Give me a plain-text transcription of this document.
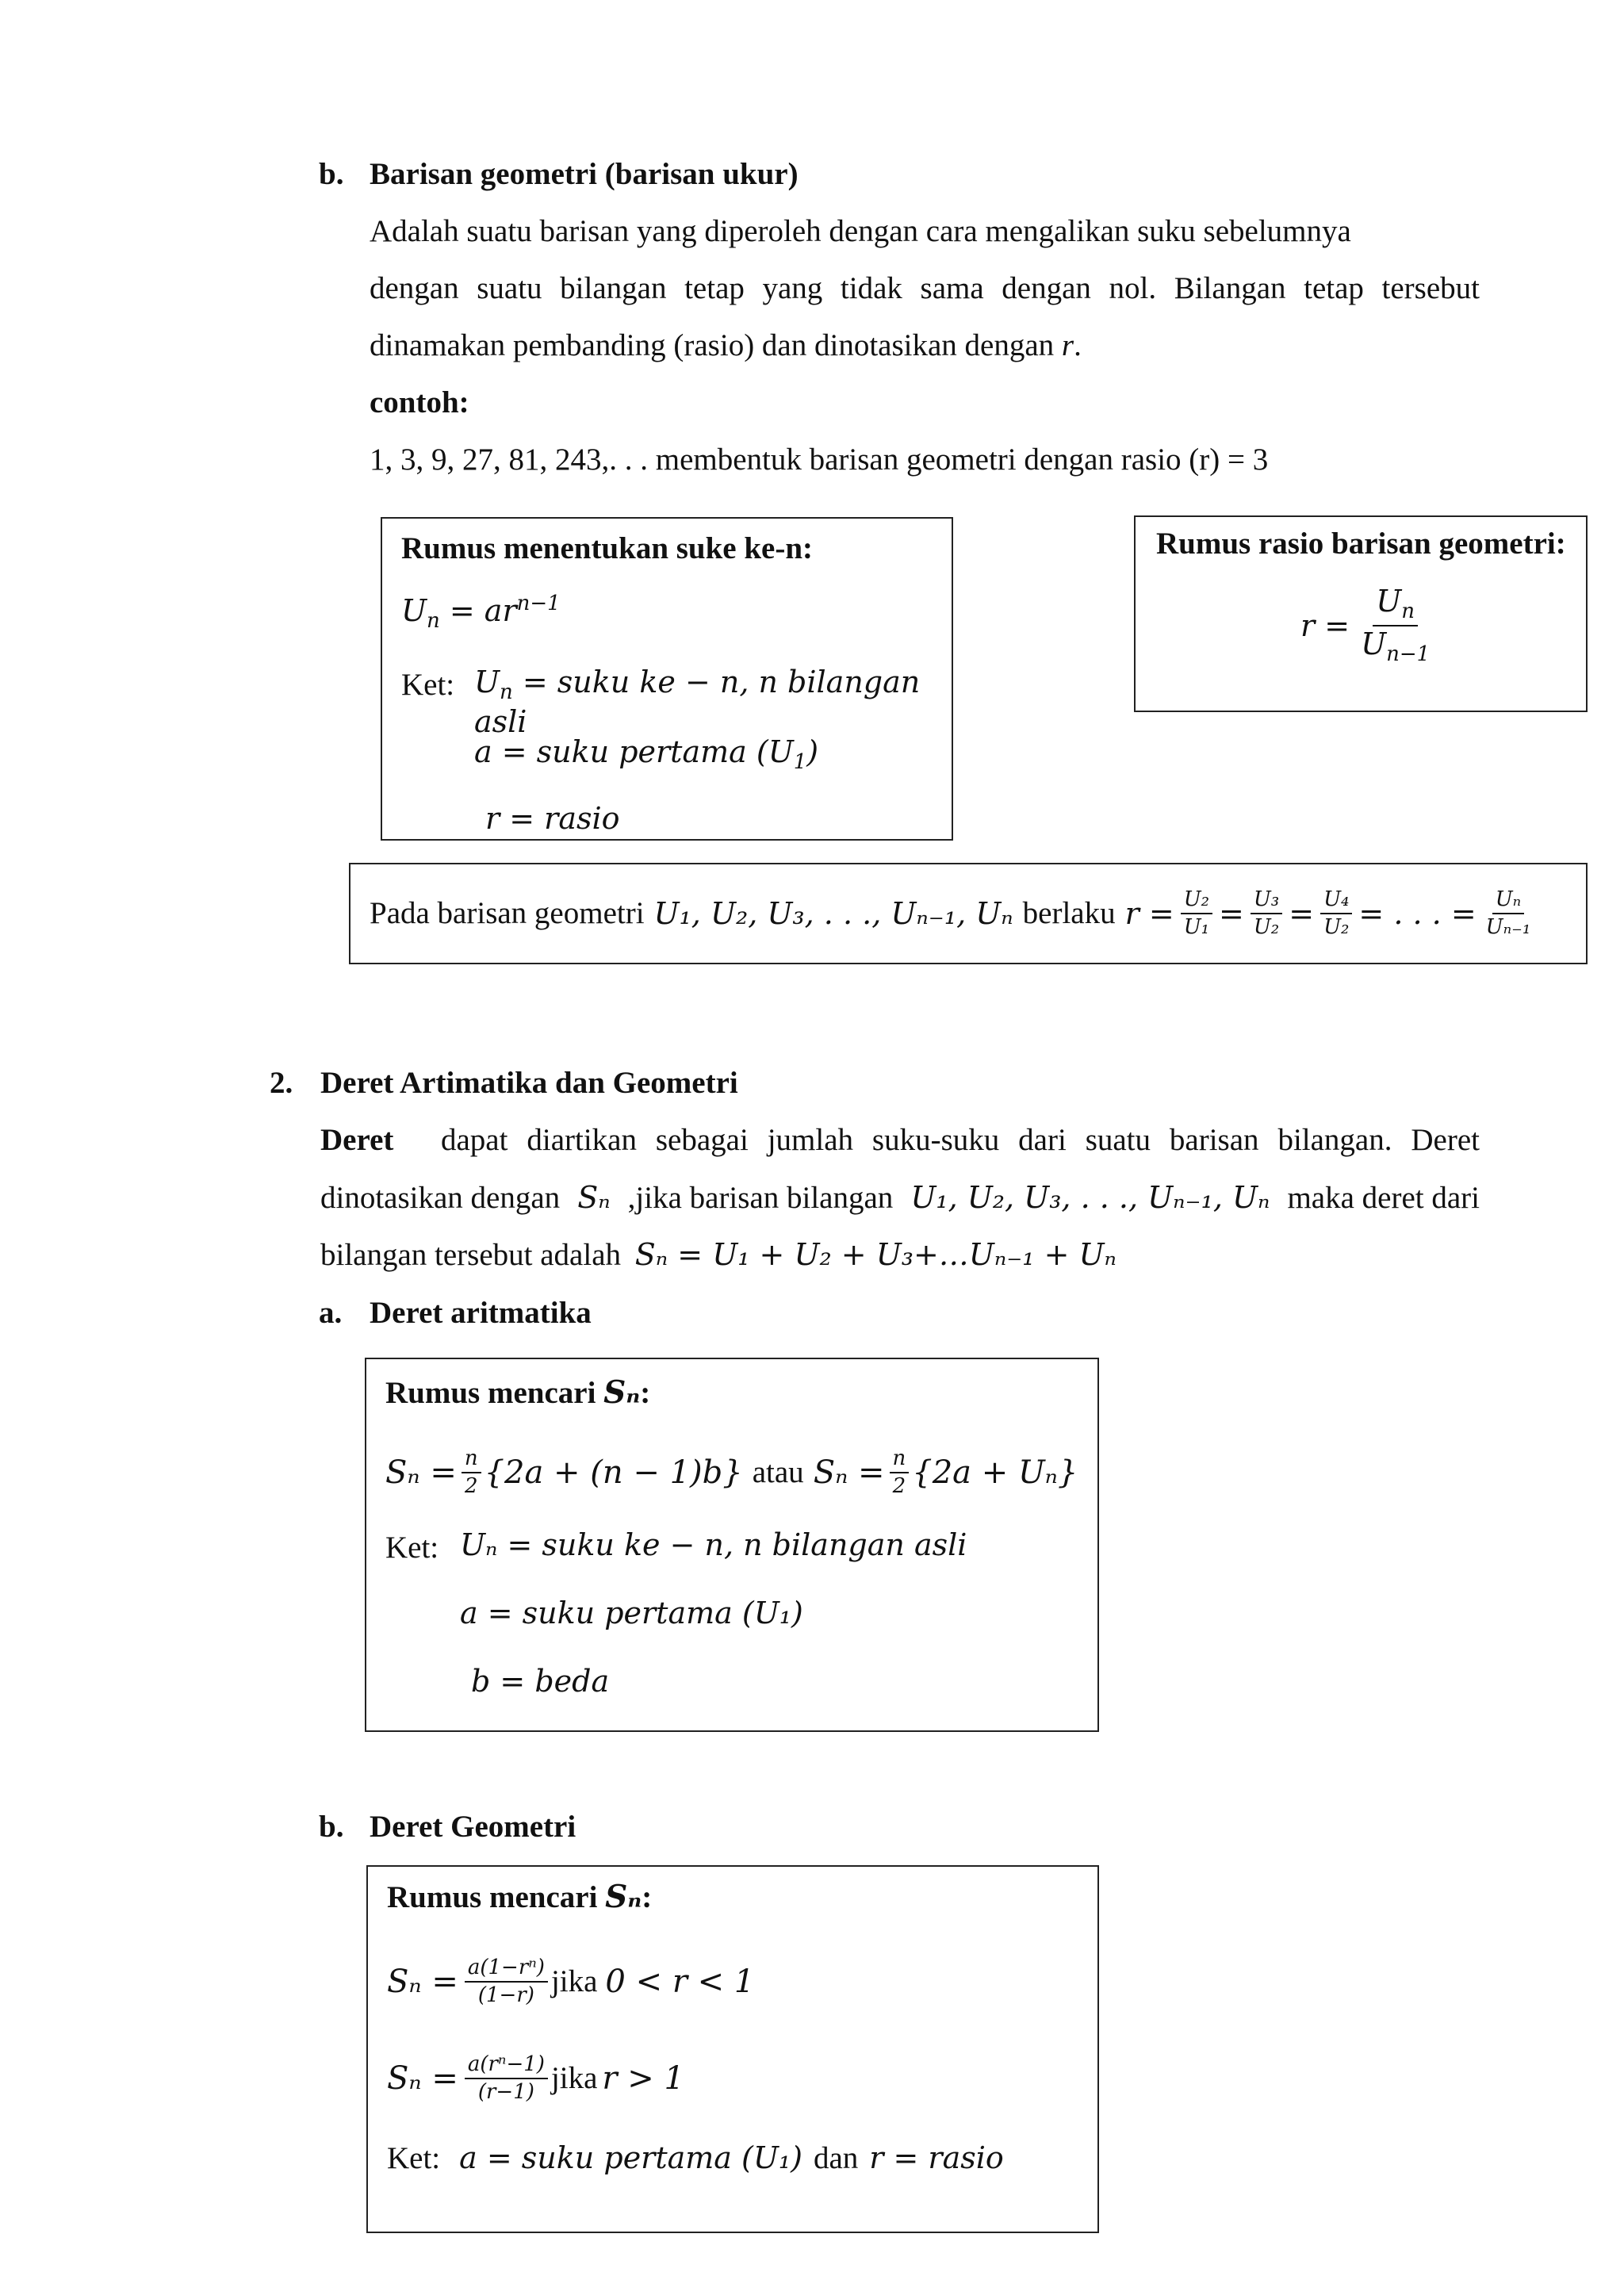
b. Barisan geometri (barisan ukur)
Adalah suatu barisan yang diperoleh dengan cara mengalikan suku sebelumnya
dengan suatu bilangan tetap yang tidak sama dengan nol. Bilangan tetap tersebut
dinamakan pembanding (rasio) dan dinotasikan dengan r.
contoh:
1, 3, 9, 27, 81, 243,. . . membentuk barisan geometri dengan rasio (r) = 3
Rumus menentukan suke ke-n:
$U_n = ar^{n-1}$
Ket: $U_n$ = suku ke − n, n bilangan asli
a = suku pertama $(U_1)$
r = rasio
Rumus rasio barisan geometri:
$r = \frac{U_n}{U_{n-1}}$
Pada barisan geometri U₁, U₂, U₃, . . ., Uₙ₋₁, Uₙ berlaku $r = \frac{\text{U₂}}{\text{U₁}} = \frac{\text{U₃}}{\text{U₂}} = \frac{\text{U₄}}{\text{U₂}}$ = . . . = $\frac{\text{Uₙ}}{\text{Uₙ₋₁}}$
2. Deret Artimatika dan Geometri
Deret dapat diartikan sebagai jumlah suku-suku dari suatu barisan bilangan. Deret
dinotasikan dengan Sₙ ,jika barisan bilangan U₁, U₂, U₃, . . ., Uₙ₋₁, Uₙ maka deret dari
bilangan tersebut adalah Sₙ = U₁ + U₂ + U₃+…Uₙ₋₁ + Uₙ
a. Deret aritmatika
Rumus mencari Sₙ:
$S_n = \frac{n}{2} \{2a + (n - 1)b\}$ atau $S_n = \frac{n}{2} \{2a + U_n\}$
Ket: Uₙ = suku ke − n, n bilangan asli
a = suku pertama (U₁)
b = beda
b. Deret Geometri
Rumus mencari Sₙ:
$S_n = \frac{\text{a(1−rⁿ)}}{(1-r)}$ jika 0 < r < 1
$S_n = \frac{\text{a(rⁿ−1)}}{(r-1)}$ jika r > 1
Ket: a = suku pertama (U₁) dan r = rasio
